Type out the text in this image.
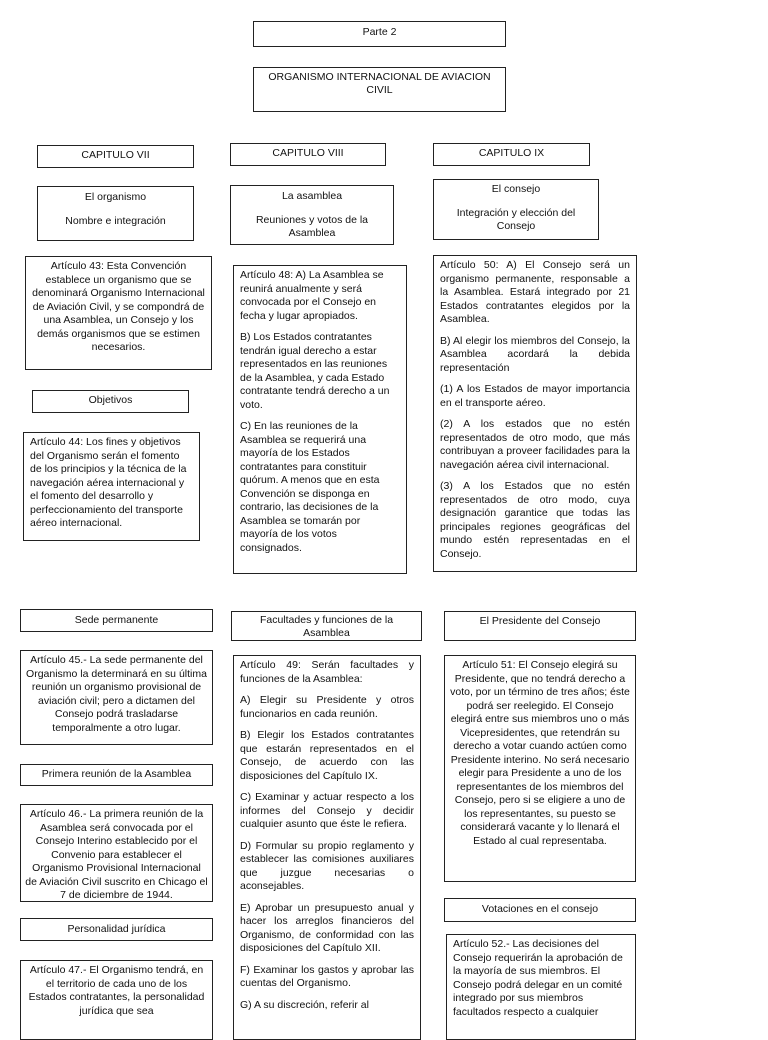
Parte 2
ORGANISMO INTERNACIONAL DE AVIACION CIVIL
CAPITULO VII
El organismo
Nombre e integración
Artículo 43: Esta Convención establece un organismo que se denominará Organismo Internacional de Aviación Civil, y se compondrá de una Asamblea, un Consejo y los demás organismos que se estimen necesarios.
Objetivos
Artículo 44: Los fines y objetivos del Organismo serán el fomento de los principios y la técnica de la navegación aérea internacional y el fomento del desarrollo y perfeccionamiento del transporte aéreo internacional.
Sede permanente
Artículo 45.- La sede permanente del Organismo la determinará en su última reunión un organismo provisional de aviación civil; pero a dictamen del Consejo podrá trasladarse temporalmente a otro lugar.
Primera reunión de la Asamblea
Artículo 46.- La primera reunión de la Asamblea será convocada por el Consejo Interino establecido por el Convenio para establecer el Organismo Provisional Internacional de Aviación Civil suscrito en Chicago el 7 de diciembre de 1944.
Personalidad jurídica
Artículo 47.- El Organismo tendrá, en el territorio de cada uno de los Estados contratantes, la personalidad jurídica que sea
CAPITULO VIII
La asamblea
Reuniones y votos de la Asamblea

Artículo 48: A) La Asamblea se reunirá anualmente y será convocada por el Consejo en fecha y lugar apropiados.

B) Los Estados contratantes tendrán igual derecho a estar representados en las reuniones de la Asamblea, y cada Estado contratante tendrá derecho a un voto.

C) En las reuniones de la Asamblea se requerirá una mayoría de los Estados contratantes para constituir quórum. A menos que en esta Convención se disponga en contrario, las decisiones de la Asamblea se tomarán por mayoría de los votos consignados.

Facultades y funciones de la Asamblea

Artículo 49: Serán facultades y funciones de la Asamblea:

A) Elegir su Presidente y otros funcionarios en cada reunión.

B) Elegir los Estados contratantes que estarán representados en el Consejo, de acuerdo con las disposiciones del Capítulo IX.

C) Examinar y actuar respecto a los informes del Consejo y decidir cualquier asunto que éste le refiera.

D) Formular su propio reglamento y establecer las comisiones auxiliares que juzgue necesarias o aconsejables.

E) Aprobar un presupuesto anual y hacer los arreglos financieros del Organismo, de conformidad con las disposiciones del Capítulo XII.

F) Examinar los gastos y aprobar las cuentas del Organismo.

G) A su discreción, referir al

CAPITULO IX
El consejo
Integración y elección del Consejo

Artículo 50: A) El Consejo será un organismo permanente, responsable a la Asamblea. Estará integrado por 21 Estados contratantes elegidos por la Asamblea.

B) Al elegir los miembros del Consejo, la Asamblea acordará la debida representación

(1) A los Estados de mayor importancia en el transporte aéreo.

(2) A los estados que no estén representados de otro modo, que más contribuyan a proveer facilidades para la navegación aérea civil internacional.

(3) A los Estados que no estén representados de otro modo, cuya designación garantice que todas las principales regiones geográficas del mundo estén representadas en el Consejo.

El Presidente del Consejo
Artículo 51: El Consejo elegirá su Presidente, que no tendrá derecho a voto, por un término de tres años; éste podrá ser reelegido. El Consejo elegirá entre sus miembros uno o más Vicepresidentes, que retendrán su derecho a votar cuando actúen como Presidente interino. No será necesario elegir para Presidente a uno de los representantes de los miembros del Consejo, pero si se eligiere a uno de los representantes, su puesto se considerará vacante y lo llenará el Estado al cual representaba.
Votaciones en el consejo
Artículo 52.- Las decisiones del Consejo requerirán la aprobación de la mayoría de sus miembros. El Consejo podrá delegar en un comité integrado por sus miembros facultados respecto a cualquier
